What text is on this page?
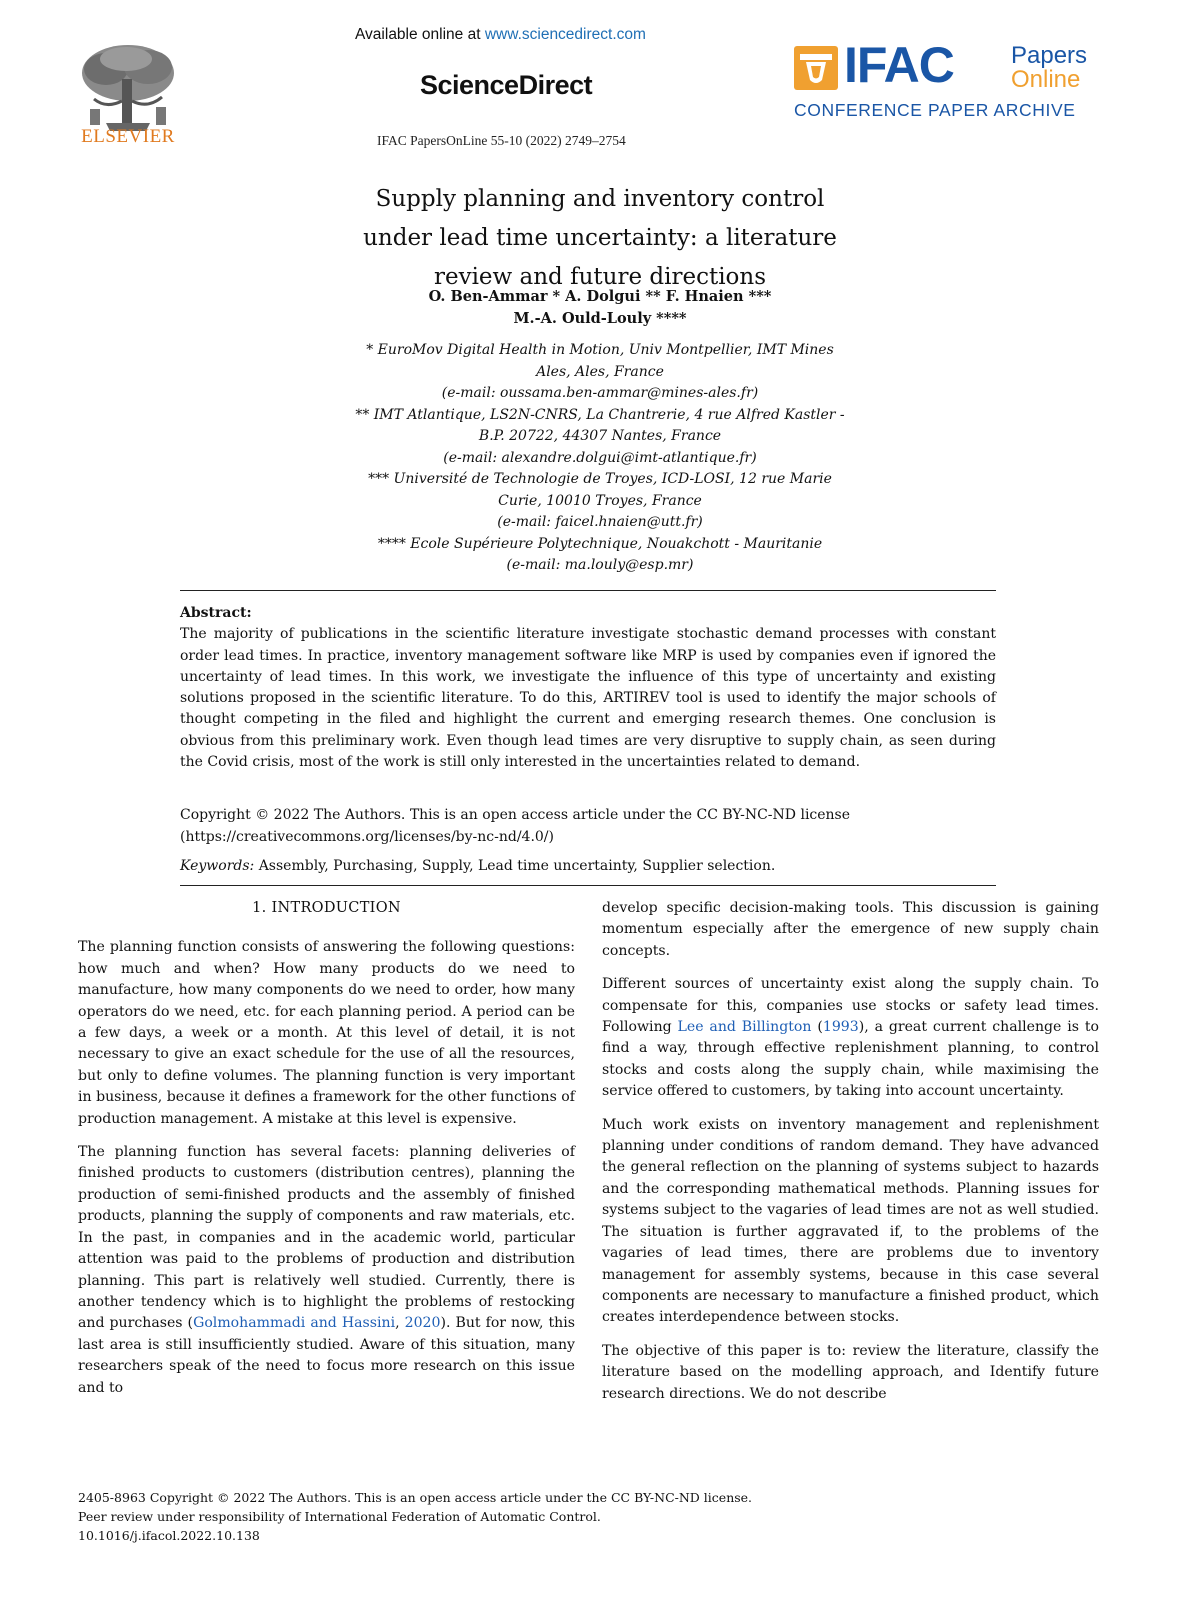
ELSEVIER
Available online at www.sciencedirect.com
ScienceDirect
IFAC PapersOnLine 55-10 (2022) 2749–2754
IFAC Papers
Online
CONFERENCE PAPER ARCHIVE
Supply planning and inventory control
under lead time uncertainty: a literature
review and future directions
O. Ben-Ammar * A. Dolgui ** F. Hnaien ***
M.-A. Ould-Louly ****
* EuroMov Digital Health in Motion, Univ Montpellier, IMT Mines
Ales, Ales, France
(e-mail: oussama.ben-ammar@mines-ales.fr)
** IMT Atlantique, LS2N-CNRS, La Chantrerie, 4 rue Alfred Kastler -
B.P. 20722, 44307 Nantes, France
(e-mail: alexandre.dolgui@imt-atlantique.fr)
*** Université de Technologie de Troyes, ICD-LOSI, 12 rue Marie
Curie, 10010 Troyes, France
(e-mail: faicel.hnaien@utt.fr)
**** Ecole Supérieure Polytechnique, Nouakchott - Mauritanie
(e-mail: ma.louly@esp.mr)
Abstract:
The majority of publications in the scientific literature investigate stochastic demand processes with constant order lead times. In practice, inventory management software like MRP is used by companies even if ignored the uncertainty of lead times. In this work, we investigate the influence of this type of uncertainty and existing solutions proposed in the scientific literature. To do this, ARTIREV tool is used to identify the major schools of thought competing in the filed and highlight the current and emerging research themes. One conclusion is obvious from this preliminary work. Even though lead times are very disruptive to supply chain, as seen during the Covid crisis, most of the work is still only interested in the uncertainties related to demand.
Copyright © 2022 The Authors. This is an open access article under the CC BY-NC-ND license
(https://creativecommons.org/licenses/by-nc-nd/4.0/)
Keywords: Assembly, Purchasing, Supply, Lead time uncertainty, Supplier selection.
1. INTRODUCTION

The planning function consists of answering the following questions: how much and when? How many products do we need to manufacture, how many components do we need to order, how many operators do we need, etc. for each planning period. A period can be a few days, a week or a month. At this level of detail, it is not necessary to give an exact schedule for the use of all the resources, but only to define volumes. The planning function is very important in business, because it defines a framework for the other functions of production management. A mistake at this level is expensive.

The planning function has several facets: planning deliveries of finished products to customers (distribution centres), planning the production of semi-finished products and the assembly of finished products, planning the supply of components and raw materials, etc. In the past, in companies and in the academic world, particular attention was paid to the problems of production and distribution planning. This part is relatively well studied. Currently, there is another tendency which is to highlight the problems of restocking and purchases (Golmohammadi and Hassini, 2020). But for now, this last area is still insufficiently studied. Aware of this situation, many researchers speak of the need to focus more research on this issue and to

develop specific decision-making tools. This discussion is gaining momentum especially after the emergence of new supply chain concepts.

Different sources of uncertainty exist along the supply chain. To compensate for this, companies use stocks or safety lead times. Following Lee and Billington (1993), a great current challenge is to find a way, through effective replenishment planning, to control stocks and costs along the supply chain, while maximising the service offered to customers, by taking into account uncertainty.

Much work exists on inventory management and replenishment planning under conditions of random demand. They have advanced the general reflection on the planning of systems subject to hazards and the corresponding mathematical methods. Planning issues for systems subject to the vagaries of lead times are not as well studied. The situation is further aggravated if, to the problems of the vagaries of lead times, there are problems due to inventory management for assembly systems, because in this case several components are necessary to manufacture a finished product, which creates interdependence between stocks.

The objective of this paper is to: review the literature, classify the literature based on the modelling approach, and Identify future research directions. We do not describe

2405-8963 Copyright © 2022 The Authors. This is an open access article under the CC BY-NC-ND license.
Peer review under responsibility of International Federation of Automatic Control.
10.1016/j.ifacol.2022.10.138
